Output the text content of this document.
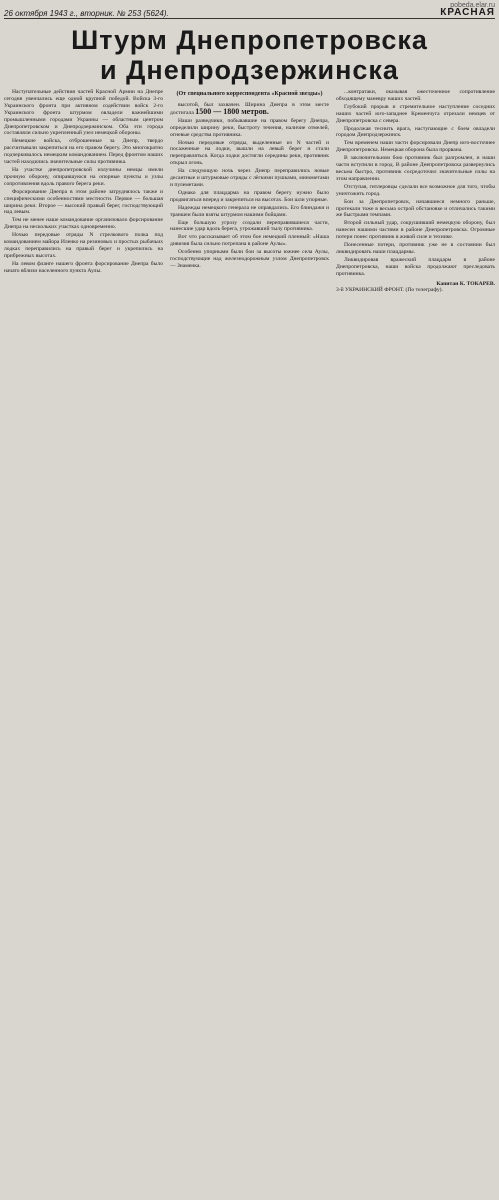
26 октября 1943 г., вторник. № 253 (5624).	КРАСНАЯ
pobeda.elar.ru
Штурм Днепропетровска
и Днепродзержинска

Наступательные действия частей Красной Армии на Днепре сегодня увенчались еще одной крупной победой. Войска 3-го Украинского фронта при активном содействии войск 2-го Украинского фронта штурмом овладели важнейшими промышленными городами Украины — областным центром Днепропетровском и Днепродзержинском. Оба эти города составляли сильно укрепленный узел немецкой обороны.

Немецкие войска, отброшенные за Днепр, твердо рассчитывали закрепиться на его правом берегу. Это многократно подчеркивалось немецким командованием. Перед фронтом наших частей находились значительные силы противника.

На участке днепропетровской излучины немцы имели прочную оборону, опиравшуюся на опорные пункты и узлы сопротивления вдоль правого берега реки.

Форсирование Днепра в этом районе затруднялось также и специфическими особенностями местности. Первое — большая ширина реки. Второе — высокий правый берег, господствующий над левым.

Тем не менее наше командование организовало форсирование Днепра на нескольких участках одновременно.

Ночью передовые отряды N стрелкового полка под командованием майора Иленко на резиновых и простых рыбачьих лодках переправились на правый берег и укрепились на прибрежных высотах.

На левом фланге нашего фронта форсирование Днепра было начато вблизи населенного пункта Аулы.

(От специального корреспондента «Красной звезды»)

высотой, был захвачен. Ширина Днепра в этом месте достигала 1500 — 1800 метров.

Наши разведчики, побывавшие на правом берегу Днепра, определили ширину реки, быстроту течения, наличие отмелей, огневые средства противника.

Ночью передовые отряды, выделенные из N частей и посаженные на лодки, вышли на левый берег и стали переправляться. Когда лодки достигли середины реки, противник открыл огонь.

На следующую ночь через Днепр переправились новые десантные и штурмовые отряды с лёгкими пушками, минометами и пулеметами.

Однако для плацдарма на правом берегу нужно было продвигаться вперед и закрепиться на высотах. Бои шли упорные.

Надежды немецкого генерала не оправдались. Его блиндажи и траншеи были взяты штурмом нашими бойцами.

Еще большую угрозу создали переправившиеся части, нанесшие удар вдоль берега, угрожавший тылу противника.

Вот что рассказывает об этом бое немецкий пленный: «Наша дивизия была сильно потрепана в районе Аулы».

Особенно упорными были бои за высоты южнее села Аулы, господствующие над железнодорожным узлом Днепропетровск — Знаменка.

...контратаки, оказывая ожесточенное сопротивление обходящему маневру наших частей.

Глубокий прорыв и стремительное наступление соседних наших частей юго-западнее Кременчуга отрезали немцев от Днепропетровска с севера.

Продолжая теснить врага, наступающие с боем овладели городом Днепродзержинск.

Тем временем наши части форсировали Днепр юго-восточнее Днепропетровска. Немецкая оборона была прорвана.

В заключительном бою противник был разгромлен, и наши части вступили в город. В районе Днепропетровска развернулись весьма быстро, противник сосредоточил значительные силы на этом направлении.

Отступая, гитлеровцы сделали все возможное для того, чтобы уничтожить город.

Бои за Днепропетровск, начавшиеся немного раньше, протекали тоже в весьма острой обстановке и отличались такими же быстрыми темпами.

Второй сильный удар, сокрушивший немецкую оборону, был нанесен нашими частями в районе Днепропетровска. Огромные потери понес противник в живой силе и технике.

Понесенные потери, противник уже не в состоянии был ликвидировать наши плацдармы.

Ликвидировав вражеский плацдарм в районе Днепропетровска, наши войска продолжают преследовать противника.

Капитан К. ТОКАРЕВ.
3-й УКРАИНСКИЙ ФРОНТ. (По телеграфу).
